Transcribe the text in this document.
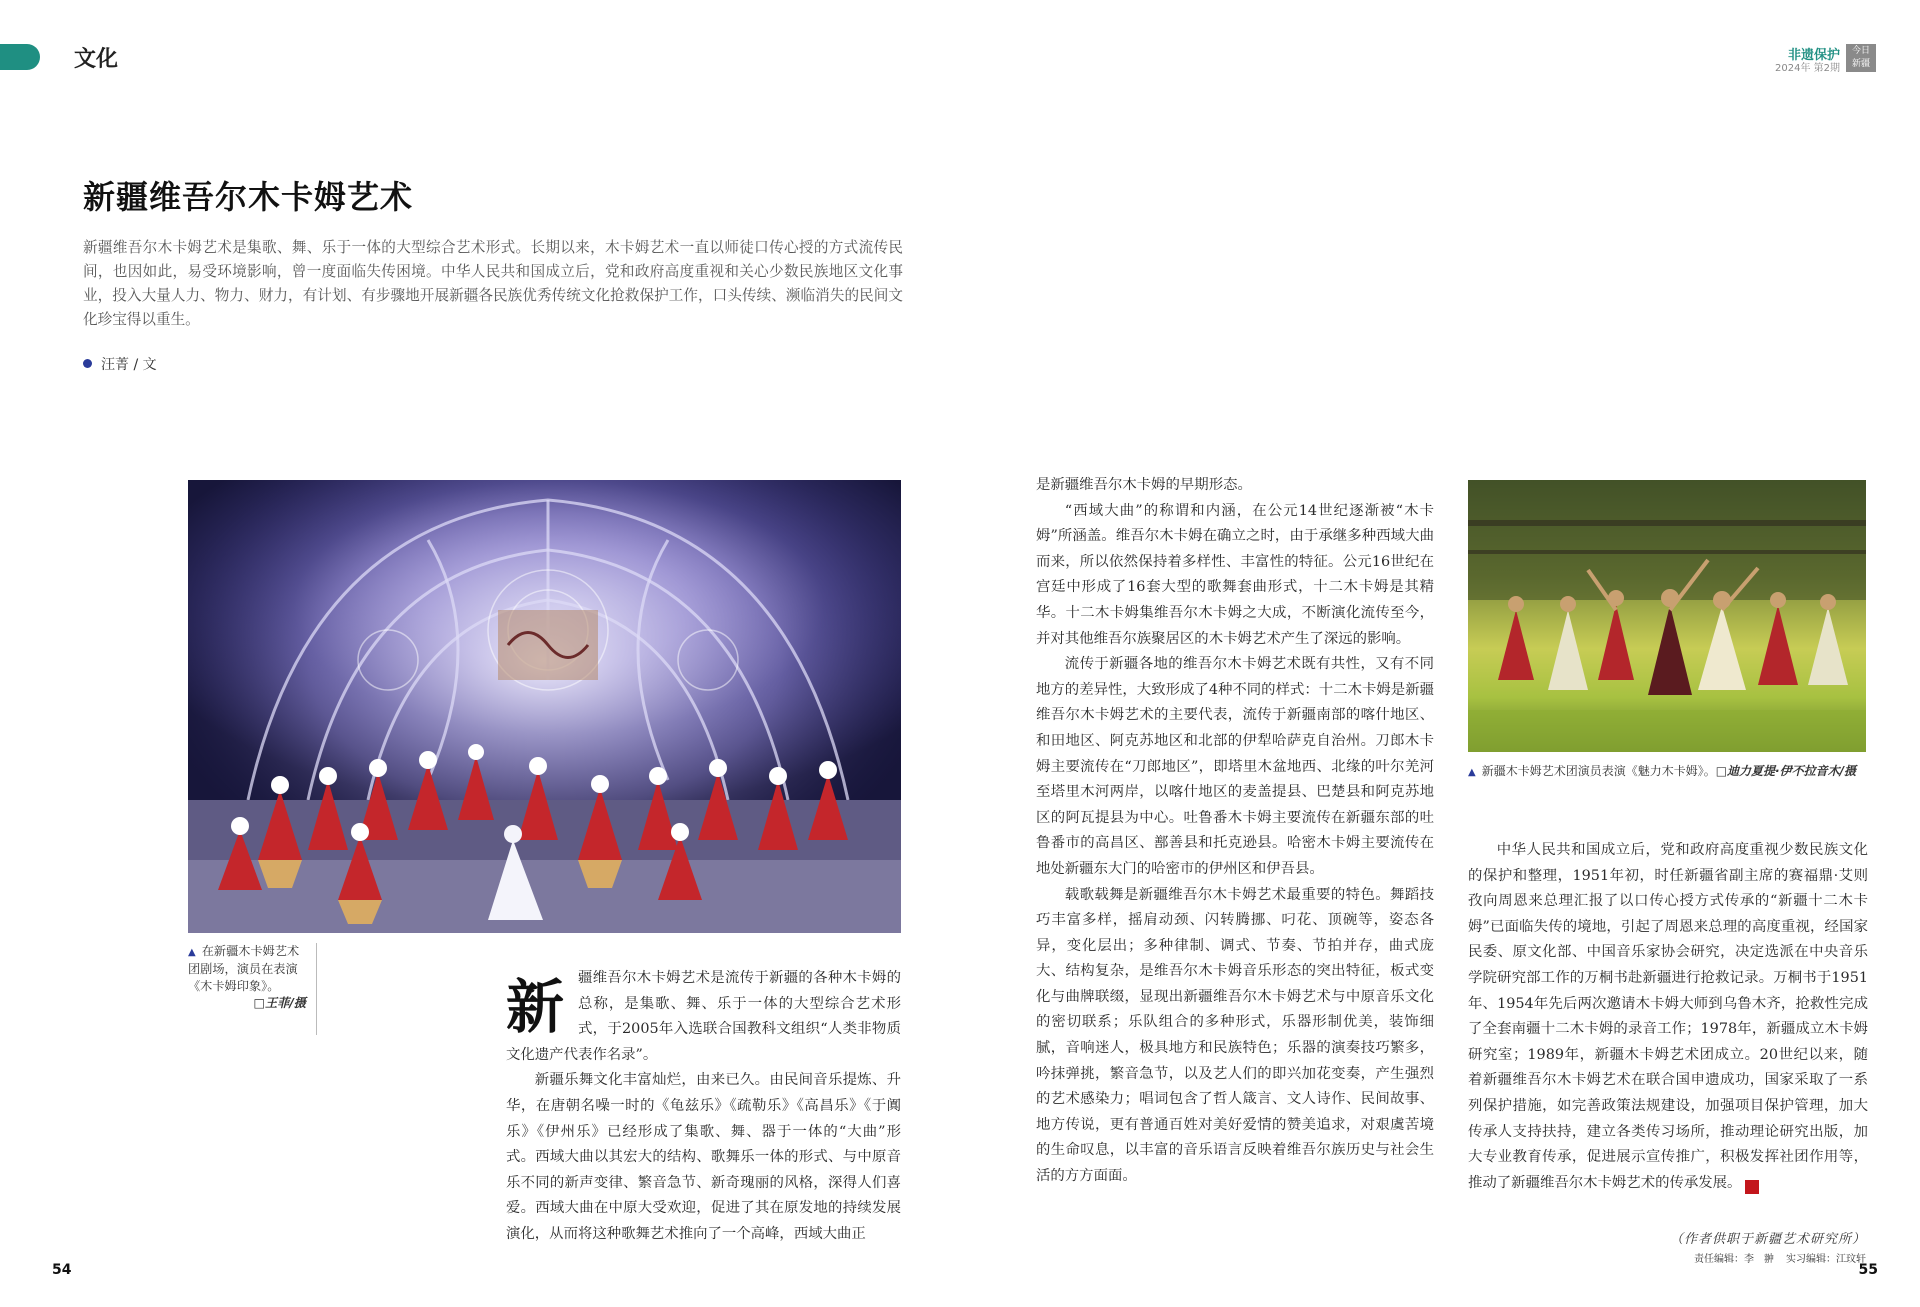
文化	非遗保护
2024年 第2期
今日
新疆
新疆维吾尔木卡姆艺术
新疆维吾尔木卡姆艺术是集歌、舞、乐于一体的大型综合艺术形式。长期以来，木卡姆艺术一直以师徒口传心授的方式流传民间，也因如此，易受环境影响，曾一度面临失传困境。中华人民共和国成立后，党和政府高度重视和关心少数民族地区文化事业，投入大量人力、物力、财力，有计划、有步骤地开展新疆各民族优秀传统文化抢救保护工作，口头传续、濒临消失的民间文化珍宝得以重生。
汪菁 / 文
▲ 在新疆木卡姆艺术团剧场，演员在表演《木卡姆印象》。
□王菲/摄
▲ 新疆木卡姆艺术团演员表演《魅力木卡姆》。□迪力夏提·伊不拉音木/摄

新疆维吾尔木卡姆艺术是流传于新疆的各种木卡姆的总称，是集歌、舞、乐于一体的大型综合艺术形式，于2005年入选联合国教科文组织“人类非物质文化遗产代表作名录”。

新疆乐舞文化丰富灿烂，由来已久。由民间音乐提炼、升华，在唐朝名噪一时的《龟兹乐》《疏勒乐》《高昌乐》《于阗乐》《伊州乐》已经形成了集歌、舞、器于一体的“大曲”形式。西域大曲以其宏大的结构、歌舞乐一体的形式、与中原音乐不同的新声变律、繁音急节、新奇瑰丽的风格，深得人们喜爱。西域大曲在中原大受欢迎，促进了其在原发地的持续发展演化，从而将这种歌舞艺术推向了一个高峰，西域大曲正

是新疆维吾尔木卡姆的早期形态。

“西域大曲”的称谓和内涵，在公元14世纪逐渐被“木卡姆”所涵盖。维吾尔木卡姆在确立之时，由于承继多种西域大曲而来，所以依然保持着多样性、丰富性的特征。公元16世纪在宫廷中形成了16套大型的歌舞套曲形式，十二木卡姆是其精华。十二木卡姆集维吾尔木卡姆之大成，不断演化流传至今，并对其他维吾尔族聚居区的木卡姆艺术产生了深远的影响。

流传于新疆各地的维吾尔木卡姆艺术既有共性，又有不同地方的差异性，大致形成了4种不同的样式：十二木卡姆是新疆维吾尔木卡姆艺术的主要代表，流传于新疆南部的喀什地区、和田地区、阿克苏地区和北部的伊犁哈萨克自治州。刀郎木卡姆主要流传在“刀郎地区”，即塔里木盆地西、北缘的叶尔羌河至塔里木河两岸，以喀什地区的麦盖提县、巴楚县和阿克苏地区的阿瓦提县为中心。吐鲁番木卡姆主要流传在新疆东部的吐鲁番市的高昌区、鄯善县和托克逊县。哈密木卡姆主要流传在地处新疆东大门的哈密市的伊州区和伊吾县。

载歌载舞是新疆维吾尔木卡姆艺术最重要的特色。舞蹈技巧丰富多样，摇肩动颈、闪转腾挪、叼花、顶碗等，姿态各异，变化层出；多种律制、调式、节奏、节拍并存，曲式庞大、结构复杂，是维吾尔木卡姆音乐形态的突出特征，板式变化与曲牌联缀，显现出新疆维吾尔木卡姆艺术与中原音乐文化的密切联系；乐队组合的多种形式，乐器形制优美，装饰细腻，音响迷人，极具地方和民族特色；乐器的演奏技巧繁多，吟抹弹挑，繁音急节，以及艺人们的即兴加花变奏，产生强烈的艺术感染力；唱词包含了哲人箴言、文人诗作、民间故事、地方传说，更有普通百姓对美好爱情的赞美追求，对艰虞苦境的生命叹息，以丰富的音乐语言反映着维吾尔族历史与社会生活的方方面面。

中华人民共和国成立后，党和政府高度重视少数民族文化的保护和整理，1951年初，时任新疆省副主席的赛福鼎·艾则孜向周恩来总理汇报了以口传心授方式传承的“新疆十二木卡姆”已面临失传的境地，引起了周恩来总理的高度重视，经国家民委、原文化部、中国音乐家协会研究，决定选派在中央音乐学院研究部工作的万桐书赴新疆进行抢救记录。万桐书于1951年、1954年先后两次邀请木卡姆大师到乌鲁木齐，抢救性完成了全套南疆十二木卡姆的录音工作；1978年，新疆成立木卡姆研究室；1989年，新疆木卡姆艺术团成立。20世纪以来，随着新疆维吾尔木卡姆艺术在联合国申遗成功，国家采取了一系列保护措施，如完善政策法规建设，加强项目保护管理，加大传承人支持扶持，建立各类传习场所，推动理论研究出版，加大专业教育传承，促进展示宣传推广，积极发挥社团作用等，推动了新疆维吾尔木卡姆艺术的传承发展。	J

（作者供职于新疆艺术研究所）
责任编辑：李　翀 实习编辑：江玟轩
54	55
